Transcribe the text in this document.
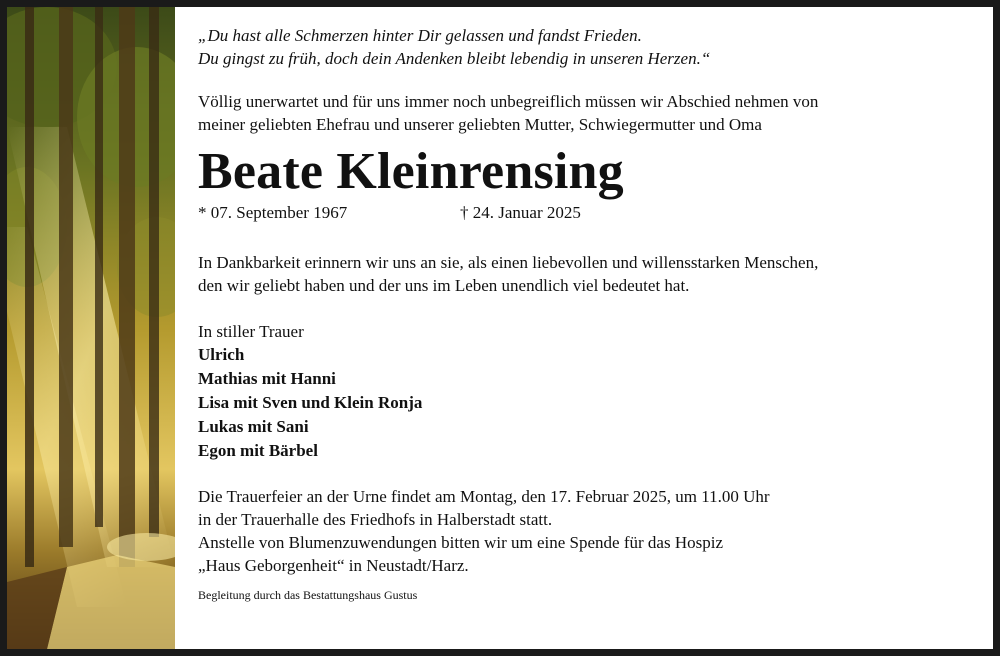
„Du hast alle Schmerzen hinter Dir gelassen und fandst Frieden.
Du gingst zu früh, doch dein Andenken bleibt lebendig in unseren Herzen.“

Völlig unerwartet und für uns immer noch unbegreiflich müssen wir Abschied nehmen von
meiner geliebten Ehefrau und unserer geliebten Mutter, Schwiegermutter und Oma

Beate Kleinrensing
* 07. September 1967	† 24. Januar 2025

In Dankbarkeit erinnern wir uns an sie, als einen liebevollen und willensstarken Menschen,
den wir geliebt haben und der uns im Leben unendlich viel bedeutet hat.

In stiller Trauer

Ulrich
Mathias mit Hanni
Lisa mit Sven und Klein Ronja
Lukas mit Sani
Egon mit Bärbel

Die Trauerfeier an der Urne findet am Montag, den 17. Februar 2025, um 11.00 Uhr
in der Trauerhalle des Friedhofs in Halberstadt statt.
Anstelle von Blumenzuwendungen bitten wir um eine Spende für das Hospiz
„Haus Geborgenheit“ in Neustadt/Harz.

Begleitung durch das Bestattungshaus Gustus
